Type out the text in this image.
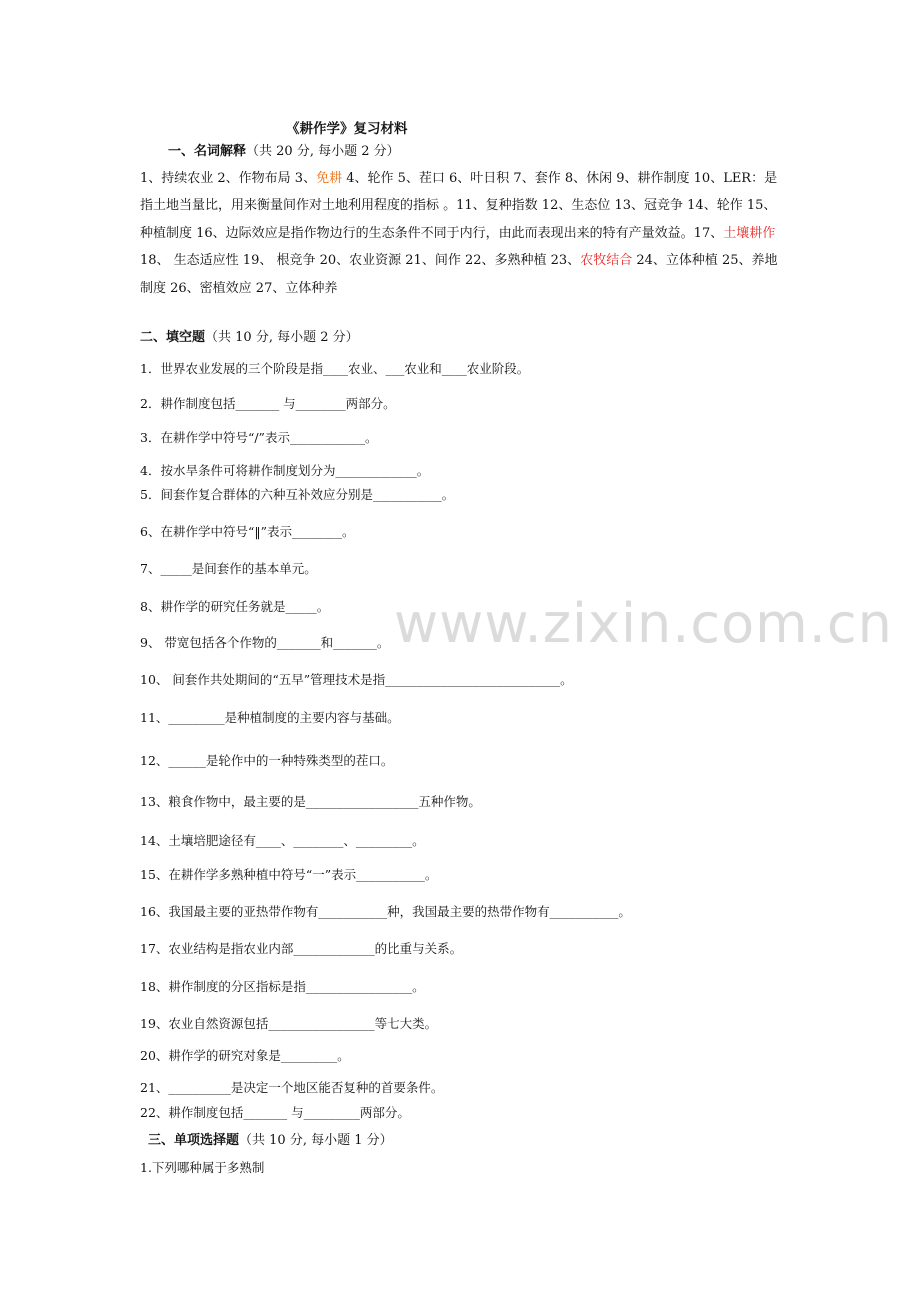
《耕作学》复习材料
一、名词解释（共 20 分, 每小题 2 分）
1、持续农业 2、作物布局 3、免耕 4、轮作 5、茬口 6、叶日积 7、套作 8、休闲 9、耕作制度 10、LER：是指土地当量比，用来衡量间作对土地利用程度的指标 。11、复种指数 12、生态位 13、冠竞争 14、轮作 15、种植制度 16、边际效应是指作物边行的生态条件不同于内行，由此而表现出来的特有产量效益。17、土壤耕作 18、 生态适应性 19、 根竞争 20、农业资源 21、间作 22、多熟种植 23、农牧结合 24、立体种植 25、养地制度 26、密植效应 27、立体种养
二、填空题（共 10 分, 每小题 2 分）
1．世界农业发展的三个阶段是指____农业、___农业和____农业阶段。
2．耕作制度包括_______ 与________两部分。
3．在耕作学中符号“/”表示____________。
4．按水旱条件可将耕作制度划分为_____________。
5．间套作复合群体的六种互补效应分别是___________。
6、在耕作学中符号“‖”表示________。
7、_____是间套作的基本单元。
8、耕作学的研究任务就是_____。
9、 带宽包括各个作物的_______和_______。
10、 间套作共处期间的“五早”管理技术是指____________________________。
11、_________是种植制度的主要内容与基础。
12、______是轮作中的一种特殊类型的茬口。
13、粮食作物中，最主要的是__________________五种作物。
14、土壤培肥途径有____、________、_________。
15、在耕作学多熟种植中符号“一”表示___________。
16、我国最主要的亚热带作物有___________种，我国最主要的热带作物有___________。
17、农业结构是指农业内部_____________的比重与关系。
18、耕作制度的分区指标是指_________________。
19、农业自然资源包括_________________等七大类。
20、耕作学的研究对象是_________。
21、__________是决定一个地区能否复种的首要条件。
22、耕作制度包括_______ 与_________两部分。
三、单项选择题（共 10 分, 每小题 1 分）
1.下列哪种属于多熟制
www.zixin.com.cn
